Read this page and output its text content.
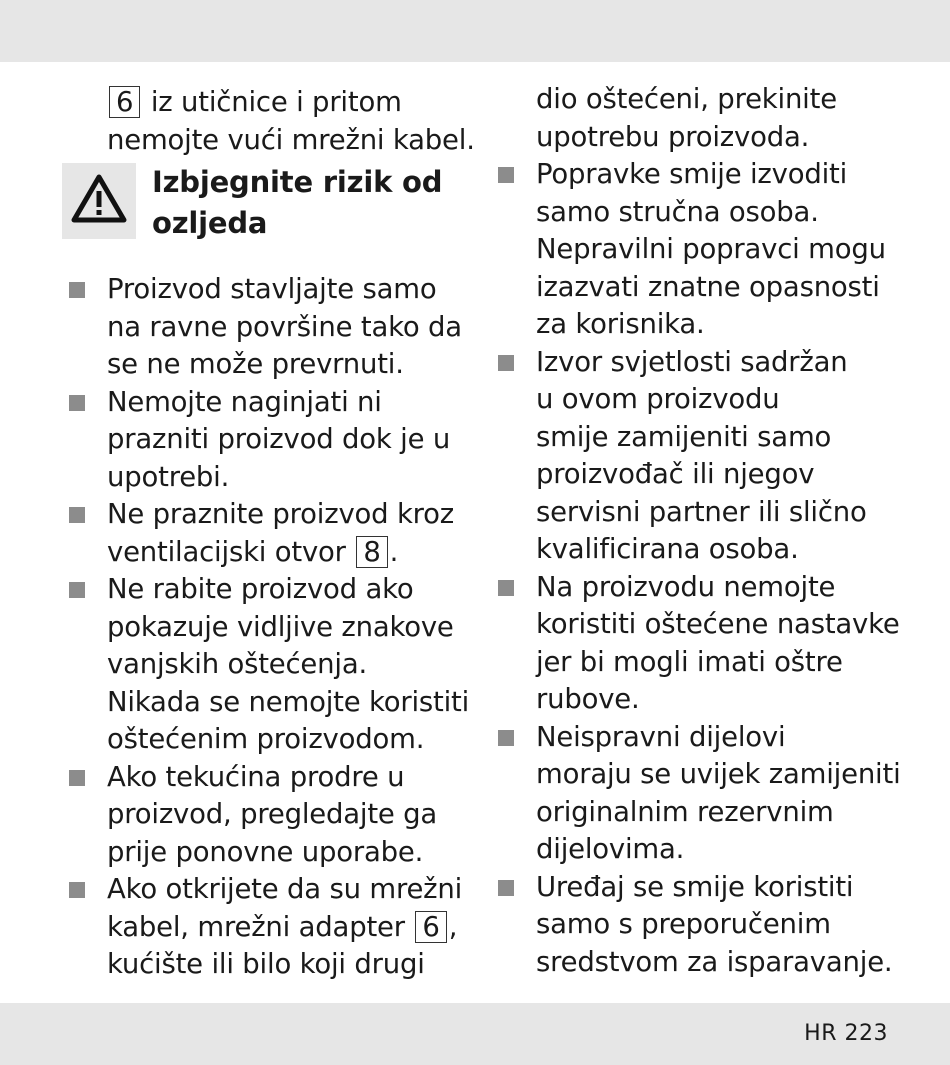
6 iz utičnice i pritom
nemojte vući mrežni kabel.
Izbjegnite rizik od
ozljeda
Proizvod stavljajte samo
na ravne površine tako da
se ne može prevrnuti.
Nemojte naginjati ni
prazniti proizvod dok je u
upotrebi.
Ne praznite proizvod kroz
ventilacijski otvor 8 .
Ne rabite proizvod ako
pokazuje vidljive znakove
vanjskih oštećenja.
Nikada se nemojte koristiti
oštećenim proizvodom.
Ako tekućina prodre u
proizvod, pregledajte ga
prije ponovne uporabe.
Ako otkrijete da su mrežni
kabel, mrežni adapter 6 ,
kućište ili bilo koji drugi
dio oštećeni, prekinite
upotrebu proizvoda.
Popravke smije izvoditi
samo stručna osoba.
Nepravilni popravci mogu
izazvati znatne opasnosti
za korisnika.
Izvor svjetlosti sadržan
u ovom proizvodu
smije zamijeniti samo
proizvođač ili njegov
servisni partner ili slično
kvalificirana osoba.
Na proizvodu nemojte
koristiti oštećene nastavke
jer bi mogli imati oštre
rubove.
Neispravni dijelovi
moraju se uvijek zamijeniti
originalnim rezervnim
dijelovima.
Uređaj se smije koristiti
samo s preporučenim
sredstvom za isparavanje.
HR 223
